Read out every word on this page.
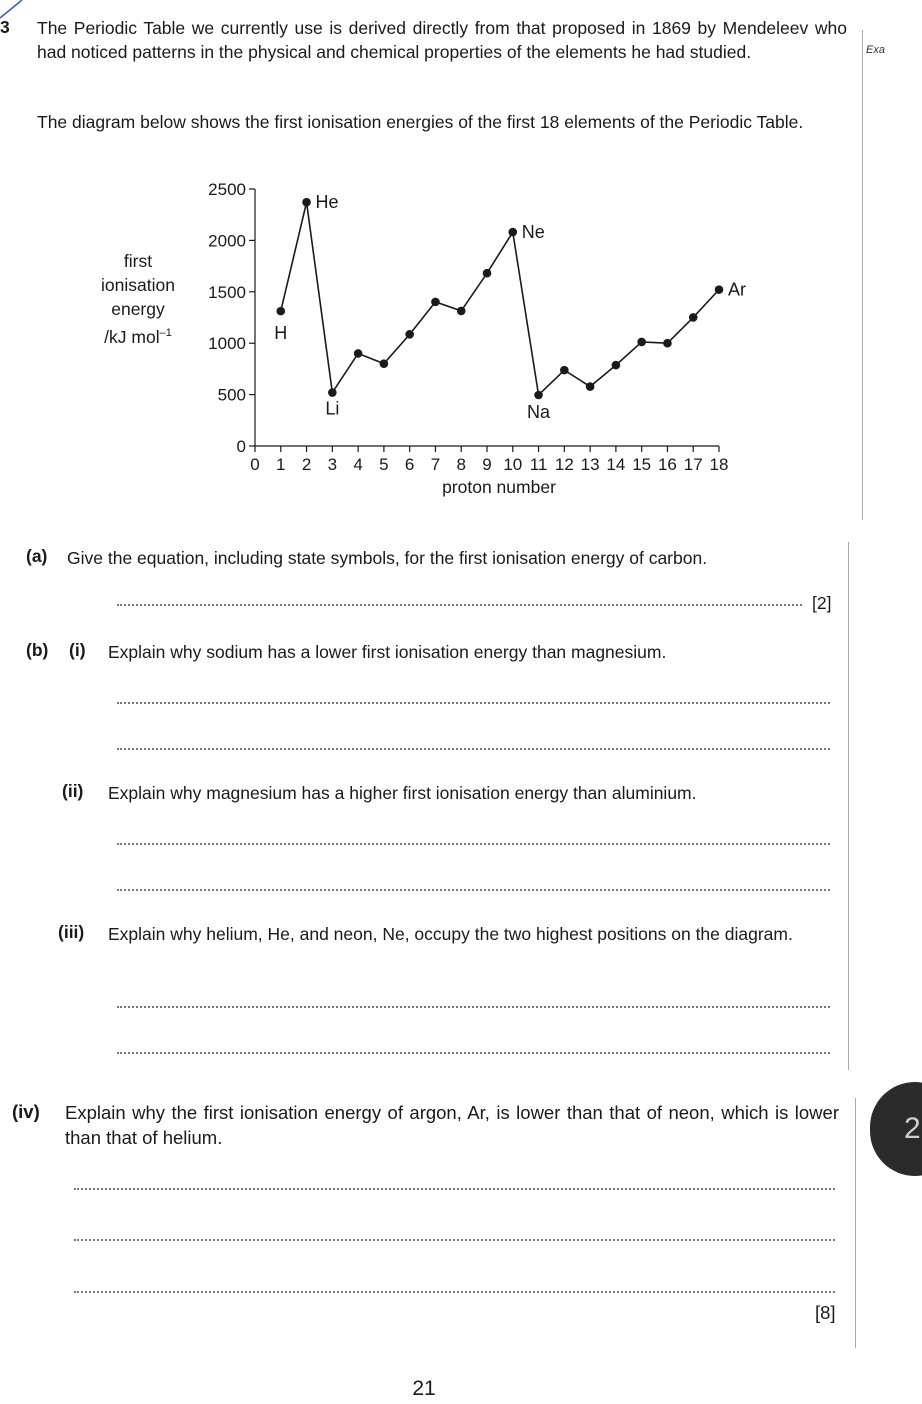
3 The Periodic Table we currently use is derived directly from that proposed in 1869 by Mendeleev who had noticed patterns in the physical and chemical properties of the elements he had studied.	Exa
The diagram below shows the first ionisation energies of the first 18 elements of the Periodic Table.
first
ionisation
energy
/kJ mol$^{-1}$
0
500
1000
1500
2000
2500
0 1 2 3 4 5 6 7 8 9 10 11 12 13 14 15 16 17 18
proton number
H
He
Li
Ne
Na
Ar
(a) Give the equation, including state symbols, for the first ionisation energy of carbon.
[2]
(b) (i) Explain why sodium has a lower first ionisation energy than magnesium.
(ii) Explain why magnesium has a higher first ionisation energy than aluminium.
(iii) Explain why helium, He, and neon, Ne, occupy the two highest positions on the diagram.
(iv) Explain why the first ionisation energy of argon, Ar, is lower than that of neon, which is lower than that of helium.
[8]
2
21
